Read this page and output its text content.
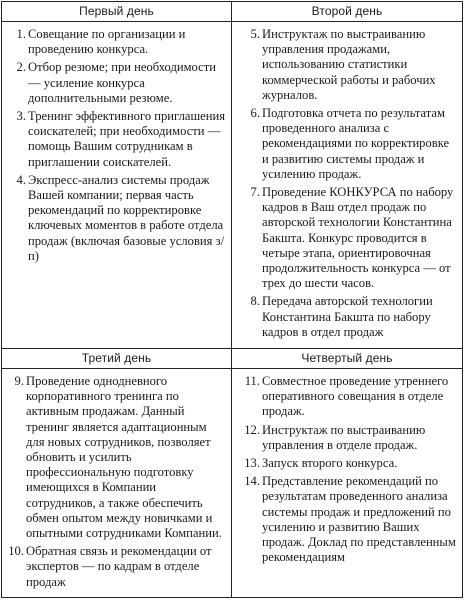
Первый день
1. Совещание по организации и проведению конкурса.
2. Отбор резюме; при необходимости — усиление конкурса дополнительными резюме.
3. Тренинг эффективного приглашения соискателей; при необходимости — помощь Вашим сотрудникам в приглашении соискателей.
4. Экспресс-анализ системы продаж Вашей компании; первая часть рекомендаций по корректировке ключевых моментов в работе отдела продаж (включая базовые условия з/п)
Второй день
5. Инструктаж по выстраиванию управления продажами, использованию статистики коммерческой работы и рабочих журналов.
6. Подготовка отчета по результатам проведенного анализа с рекомендациями по корректировке и развитию системы продаж и усилению продаж.
7. Проведение КОНКУРСА по набору кадров в Ваш отдел продаж по авторской технологии Константина Бакшта. Конкурс проводится в четыре этапа, ориентировочная продолжительность конкурса — от трех до шести часов.
8. Передача авторской технологии Константина Бакшта по набору кадров в отдел продаж
Третий день
9. Проведение однодневного корпоративного тренинга по активным продажам. Данный тренинг является адаптационным для новых сотрудников, позволяет обновить и усилить профессиональную подготовку имеющихся в Компании сотрудников, а также обеспечить обмен опытом между новичками и опытными сотрудниками Компании.
10. Обратная связь и рекомендации от экспертов — по кадрам в отделе продаж
Четвертый день
11. Совместное проведение утреннего оперативного совещания в отделе продаж.
12. Инструктаж по выстраиванию управления в отделе продаж.
13. Запуск второго конкурса.
14. Представление рекомендаций по результатам проведенного анализа системы продаж и предложений по усилению и развитию Ваших продаж. Доклад по представленным рекомендациям
